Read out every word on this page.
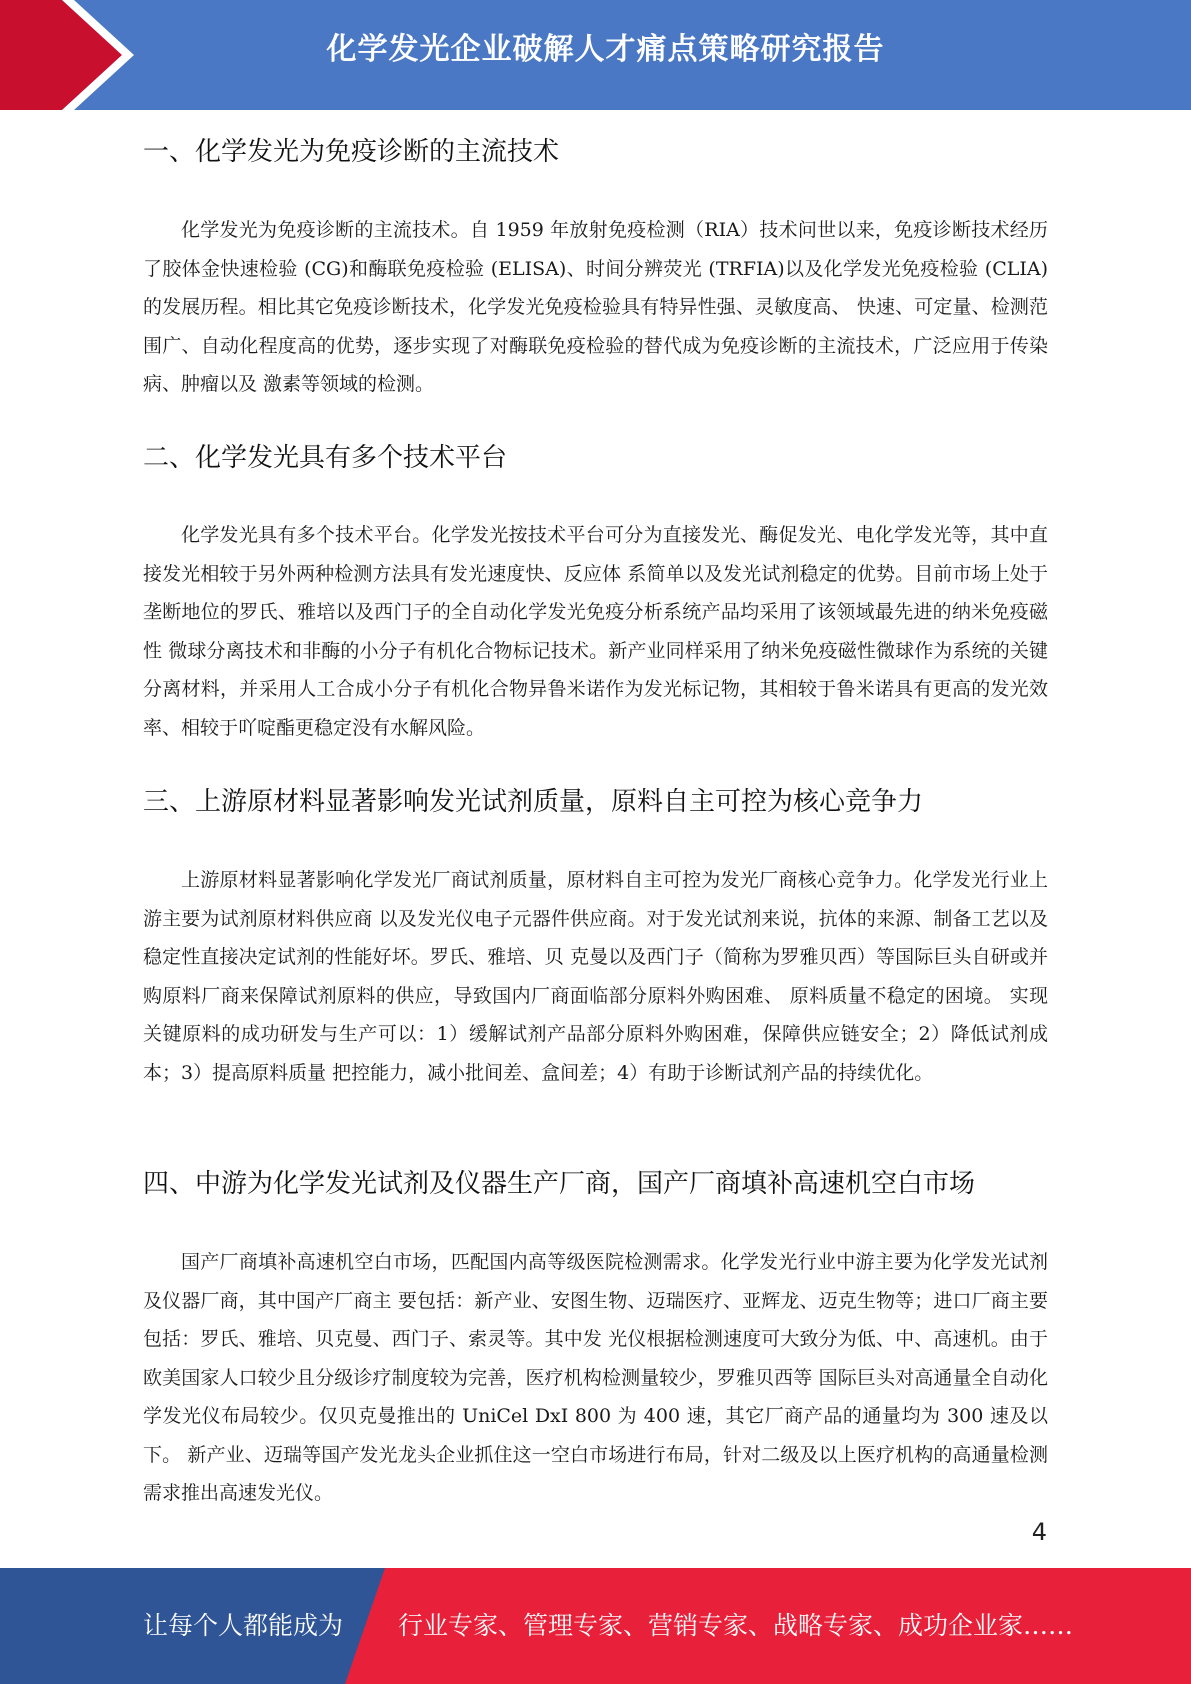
化学发光企业破解人才痛点策略研究报告
一、化学发光为免疫诊断的主流技术

化学发光为免疫诊断的主流技术。自 1959 年放射免疫检测（RIA）技术问世以来，免疫诊断技术经历了胶体金快速检验 (CG)和酶联免疫检验 (ELISA)、时间分辨荧光 (TRFIA)以及化学发光免疫检验 (CLIA)的发展历程。相比其它免疫诊断技术，化学发光免疫检验具有特异性强、灵敏度高、 快速、可定量、检测范围广、自动化程度高的优势，逐步实现了对酶联免疫检验的替代成为免疫诊断的主流技术，广泛应用于传染病、肿瘤以及 激素等领域的检测。

二、化学发光具有多个技术平台

化学发光具有多个技术平台。化学发光按技术平台可分为直接发光、酶促发光、电化学发光等，其中直接发光相较于另外两种检测方法具有发光速度快、反应体 系简单以及发光试剂稳定的优势。目前市场上处于垄断地位的罗氏、雅培以及西门子的全自动化学发光免疫分析系统产品均采用了该领域最先进的纳米免疫磁性 微球分离技术和非酶的小分子有机化合物标记技术。新产业同样采用了纳米免疫磁性微球作为系统的关键分离材料，并采用人工合成小分子有机化合物异鲁米诺作为发光标记物，其相较于鲁米诺具有更高的发光效率、相较于吖啶酯更稳定没有水解风险。

三、上游原材料显著影响发光试剂质量，原料自主可控为核心竞争力

上游原材料显著影响化学发光厂商试剂质量，原材料自主可控为发光厂商核心竞争力。化学发光行业上游主要为试剂原材料供应商 以及发光仪电子元器件供应商。对于发光试剂来说，抗体的来源、制备工艺以及稳定性直接决定试剂的性能好坏。罗氏、雅培、贝 克曼以及西门子（简称为罗雅贝西）等国际巨头自研或并购原料厂商来保障试剂原料的供应，导致国内厂商面临部分原料外购困难、 原料质量不稳定的困境。 实现关键原料的成功研发与生产可以：1）缓解试剂产品部分原料外购困难，保障供应链安全；2）降低试剂成本；3）提高原料质量 把控能力，减小批间差、盒间差；4）有助于诊断试剂产品的持续优化。

四、中游为化学发光试剂及仪器生产厂商，国产厂商填补高速机空白市场

国产厂商填补高速机空白市场，匹配国内高等级医院检测需求。化学发光行业中游主要为化学发光试剂及仪器厂商，其中国产厂商主 要包括：新产业、安图生物、迈瑞医疗、亚辉龙、迈克生物等；进口厂商主要包括：罗氏、雅培、贝克曼、西门子、索灵等。其中发 光仪根据检测速度可大致分为低、中、高速机。由于欧美国家人口较少且分级诊疗制度较为完善，医疗机构检测量较少，罗雅贝西等 国际巨头对高通量全自动化学发光仪布局较少。仅贝克曼推出的 UniCel DxI 800 为 400 速，其它厂商产品的通量均为 300 速及以下。 新产业、迈瑞等国产发光龙头企业抓住这一空白市场进行布局，针对二级及以上医疗机构的高通量检测需求推出高速发光仪。

4
让每个人都能成为 行业专家、管理专家、营销专家、战略专家、成功企业家……
